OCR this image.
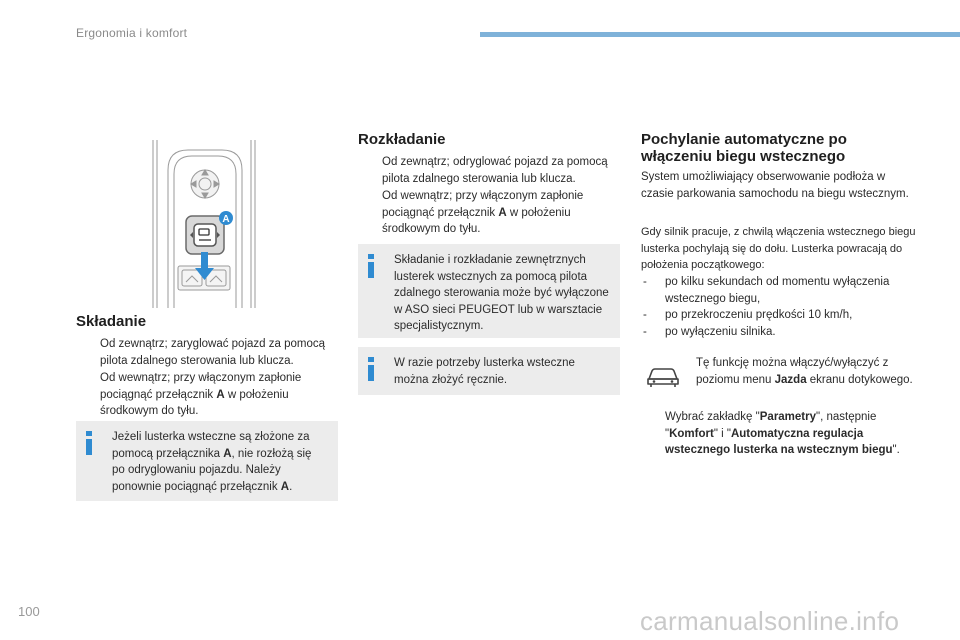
Ergonomia i komfort
A
Składanie
Od zewnątrz; zaryglować pojazd za pomocą pilota zdalnego sterowania lub klucza.
Od wewnątrz; przy włączonym zapłonie pociągnąć przełącznik A w położeniu środkowym do tyłu.
Jeżeli lusterka wsteczne są złożone za pomocą przełącznika A, nie rozłożą się po odryglowaniu pojazdu. Należy ponownie pociągnąć przełącznik A.
Rozkładanie
Od zewnątrz; odryglować pojazd za pomocą pilota zdalnego sterowania lub klucza.
Od wewnątrz; przy włączonym zapłonie pociągnąć przełącznik A w położeniu środkowym do tyłu.
Składanie i rozkładanie zewnętrznych lusterek wstecznych za pomocą pilota zdalnego sterowania może być wyłączone w ASO sieci PEUGEOT lub w warsztacie specjalistycznym.
W razie potrzeby lusterka wsteczne można złożyć ręcznie.
Pochylanie automatyczne po włączeniu biegu wstecznego

System umożliwiający obserwowanie podłoża w czasie parkowania samochodu na biegu wstecznym.

Gdy silnik pracuje, z chwilą włączenia wstecznego biegu lusterka pochylają się do dołu. Lusterka powracają do położenia początkowego:

- po kilku sekundach od momentu wyłączenia wstecznego biegu,
- po przekroczeniu prędkości 10 km/h,
- po wyłączeniu silnika.

Tę funkcję można włączyć/wyłączyć z poziomu menu Jazda ekranu dotykowego.

Wybrać zakładkę "Parametry", następnie "Komfort" i "Automatyczna regulacja wstecznego lusterka na wstecznym biegu".
100	carmanualsonline.info
